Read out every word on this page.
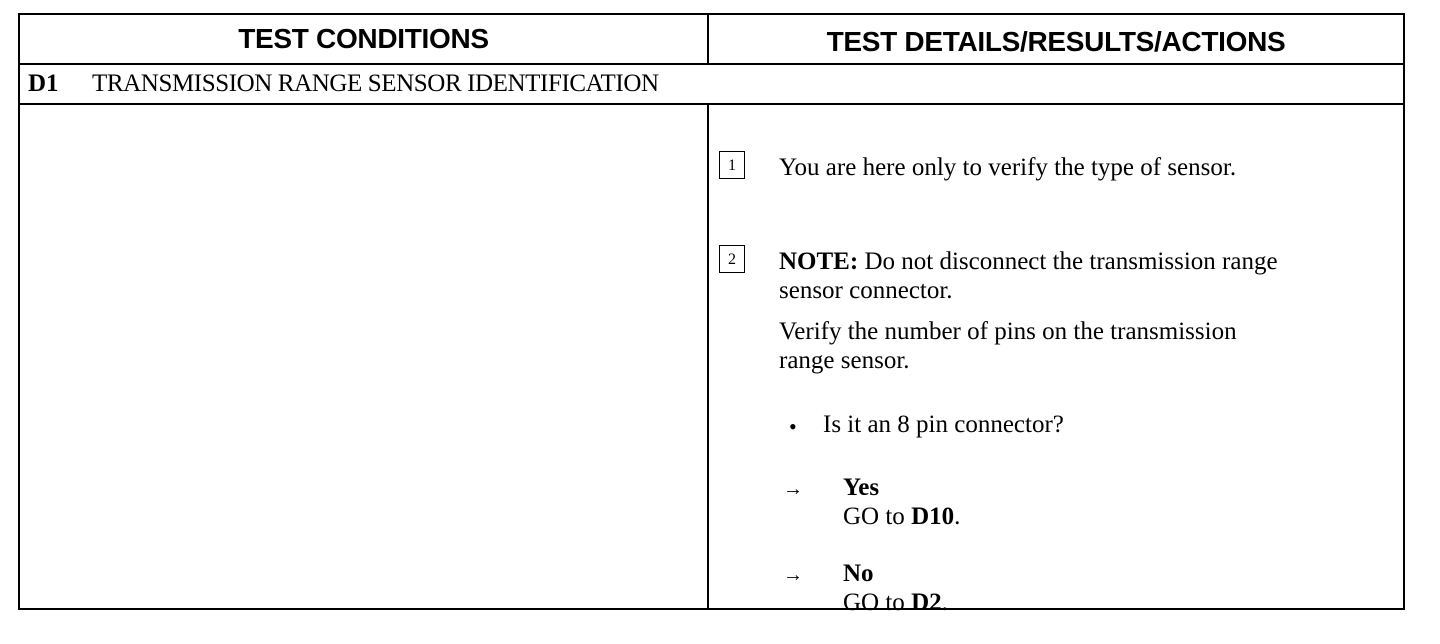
TEST CONDITIONS	TEST DETAILS/RESULTS/ACTIONS
D1	TRANSMISSION RANGE SENSOR IDENTIFICATION
1 You are here only to verify the type of sensor.
2 NOTE: Do not disconnect the transmission range
sensor connector.
Verify the number of pins on the transmission
range sensor.
• Is it an 8 pin connector?
→ Yes
GO to D10.
→ No
GO to D2.
